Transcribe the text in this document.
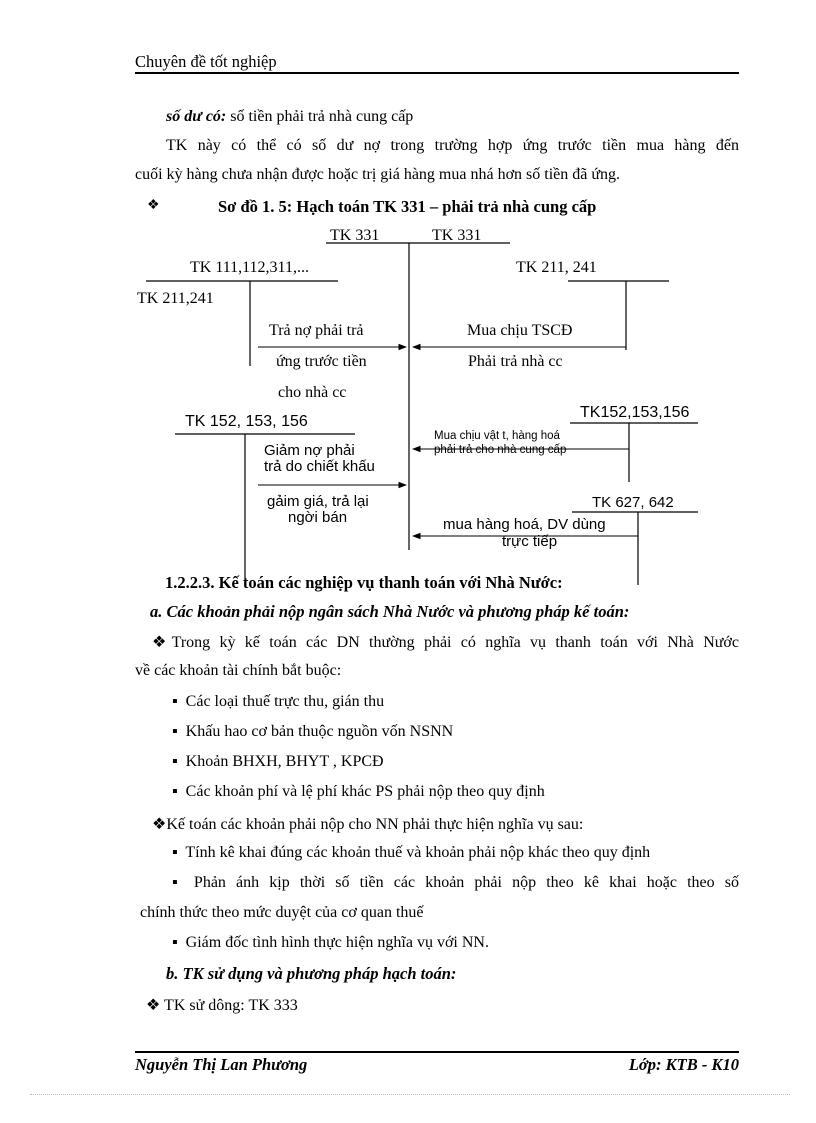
Chuyên đề tốt nghiệp
số dư có: số tiền phải trả nhà cung cấp
TK này có thể có số dư nợ trong trường hợp ứng trước tiền mua hàng đến
cuối kỳ hàng chưa nhận được hoặc trị giá hàng mua nhá hơn số tiền đã ứng.
❖	Sơ đồ 1. 5: Hạch toán TK 331 – phải trả nhà cung cấp
TK 331	TK 331
TK 111,112,311,...
TK 211,241
TK 211, 241
Trả nợ phải trả
ứng trước tiền
cho nhà cc
Mua chịu TSCĐ
Phải trả nhà cc
TK 152, 153, 156
TK152,153,156
Mua chịu vật t, hàng hoá
phải trả cho nhà cung cấp
Giảm nợ phải
trả do chiết khấu
gảim giá, trả lại
ngời bán
TK 627, 642
mua hàng hoá, DV dùng
trực tiếp
1.2.2.3. Kế toán các nghiệp vụ thanh toán với Nhà Nước:
a. Các khoản phải nộp ngân sách Nhà Nước và phương pháp kế toán:
❖Trong kỳ kế toán các DN thường phải có nghĩa vụ thanh toán với Nhà Nước
về các khoản tài chính bắt buộc:
▪ Các loại thuế trực thu, gián thu
▪ Khấu hao cơ bản thuộc nguồn vốn NSNN
▪ Khoản BHXH, BHYT , KPCĐ
▪ Các khoản phí và lệ phí khác PS phải nộp theo quy định
❖Kế toán các khoản phải nộp cho NN phải thực hiện nghĩa vụ sau:
▪ Tính kê khai đúng các khoản thuế và khoản phải nộp khác theo quy định
▪ Phản ánh kịp thời số tiền các khoản phải nộp theo kê khai hoặc theo số
chính thức theo mức duyệt của cơ quan thuế
▪ Giám đốc tình hình thực hiện nghĩa vụ với NN.
b. TK sử dụng và phương pháp hạch toán:
❖ TK sử dông: TK 333
Nguyễn Thị Lan Phương	Lớp: KTB - K10
